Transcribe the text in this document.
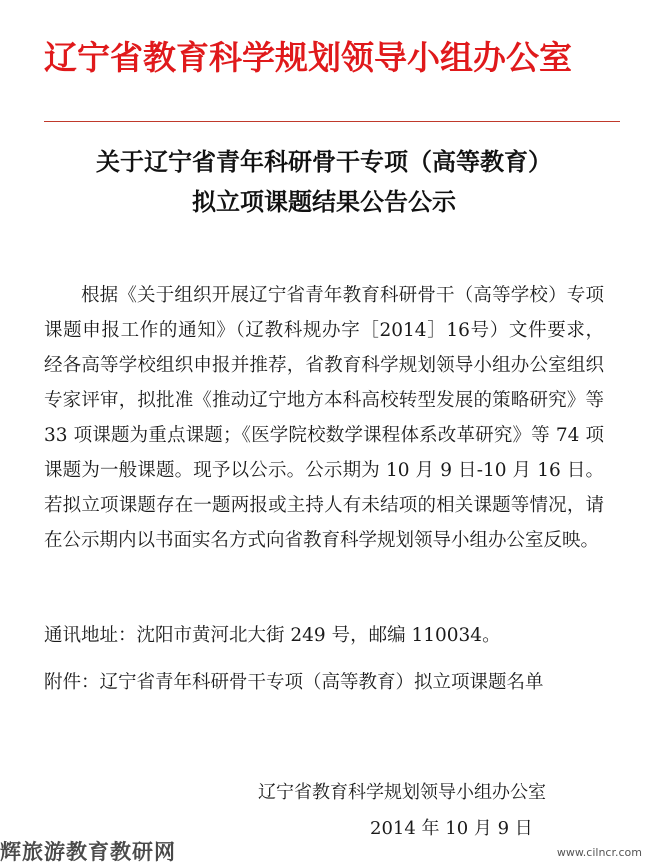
辽宁省教育科学规划领导小组办公室
关于辽宁省青年科研骨干专项（高等教育）
拟立项课题结果公告公示
根据《关于组织开展辽宁省青年教育科研骨干（高等学校）专项课题申报工作的通知》（辽教科规办字［2014］16号）文件要求，经各高等学校组织申报并推荐，省教育科学规划领导小组办公室组织专家评审，拟批准《推动辽宁地方本科高校转型发展的策略研究》等 33 项课题为重点课题；《医学院校数学课程体系改革研究》等 74 项课题为一般课题。现予以公示。公示期为 10 月 9 日-10 月 16 日。若拟立项课题存在一题两报或主持人有未结项的相关课题等情况，请在公示期内以书面实名方式向省教育科学规划领导小组办公室反映。
通讯地址：沈阳市黄河北大街 249 号，邮编 110034。
附件：辽宁省青年科研骨干专项（高等教育）拟立项课题名单
辽宁省教育科学规划领导小组办公室
2014 年 10 月 9 日
辉旅游教育教研网	www.cilncr.com
